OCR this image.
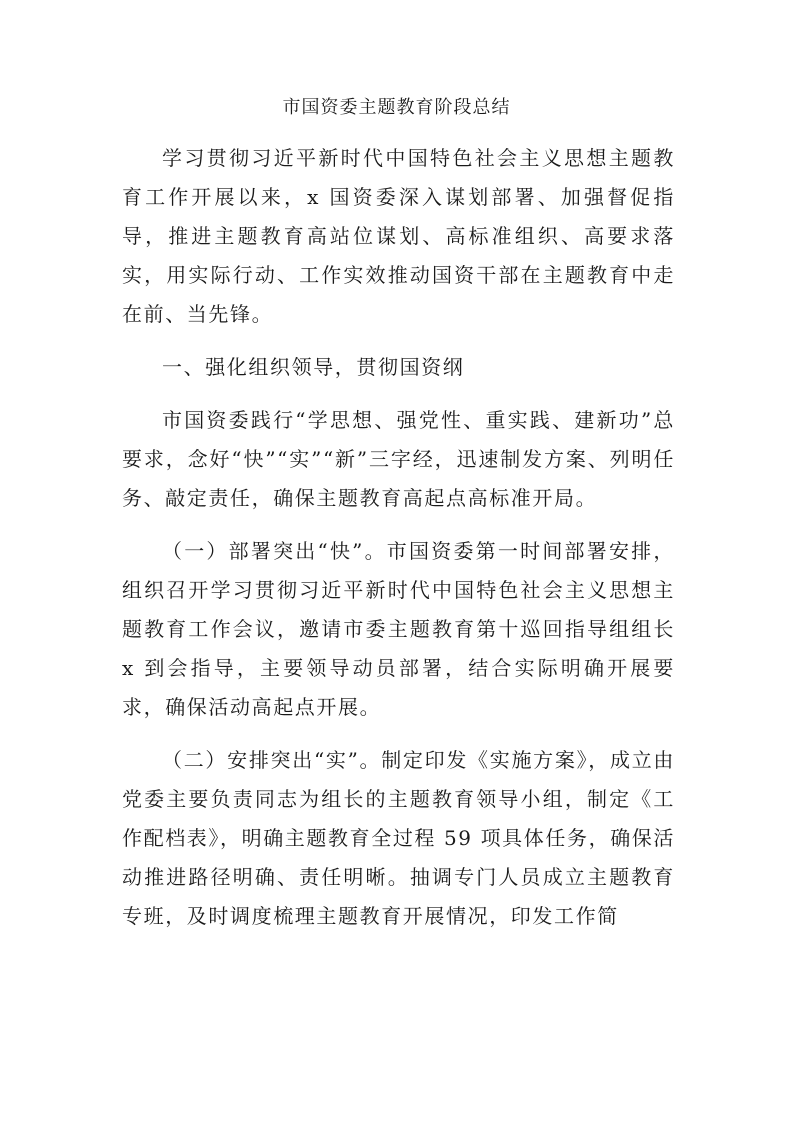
市国资委主题教育阶段总结

学习贯彻习近平新时代中国特色社会主义思想主题教育工作开展以来，x 国资委深入谋划部署、加强督促指导，推进主题教育高站位谋划、高标准组织、高要求落实，用实际行动、工作实效推动国资干部在主题教育中走在前、当先锋。

一、强化组织领导，贯彻国资纲

市国资委践行“学思想、强党性、重实践、建新功”总要求，念好“快”“实”“新”三字经，迅速制发方案、列明任务、敲定责任，确保主题教育高起点高标准开局。

（一）部署突出“快”。市国资委第一时间部署安排，组织召开学习贯彻习近平新时代中国特色社会主义思想主题教育工作会议，邀请市委主题教育第十巡回指导组组长 x 到会指导，主要领导动员部署，结合实际明确开展要求，确保活动高起点开展。

（二）安排突出“实”。制定印发《实施方案》，成立由党委主要负责同志为组长的主题教育领导小组，制定《工作配档表》，明确主题教育全过程 59 项具体任务，确保活动推进路径明确、责任明晰。抽调专门人员成立主题教育专班，及时调度梳理主题教育开展情况，印发工作简
